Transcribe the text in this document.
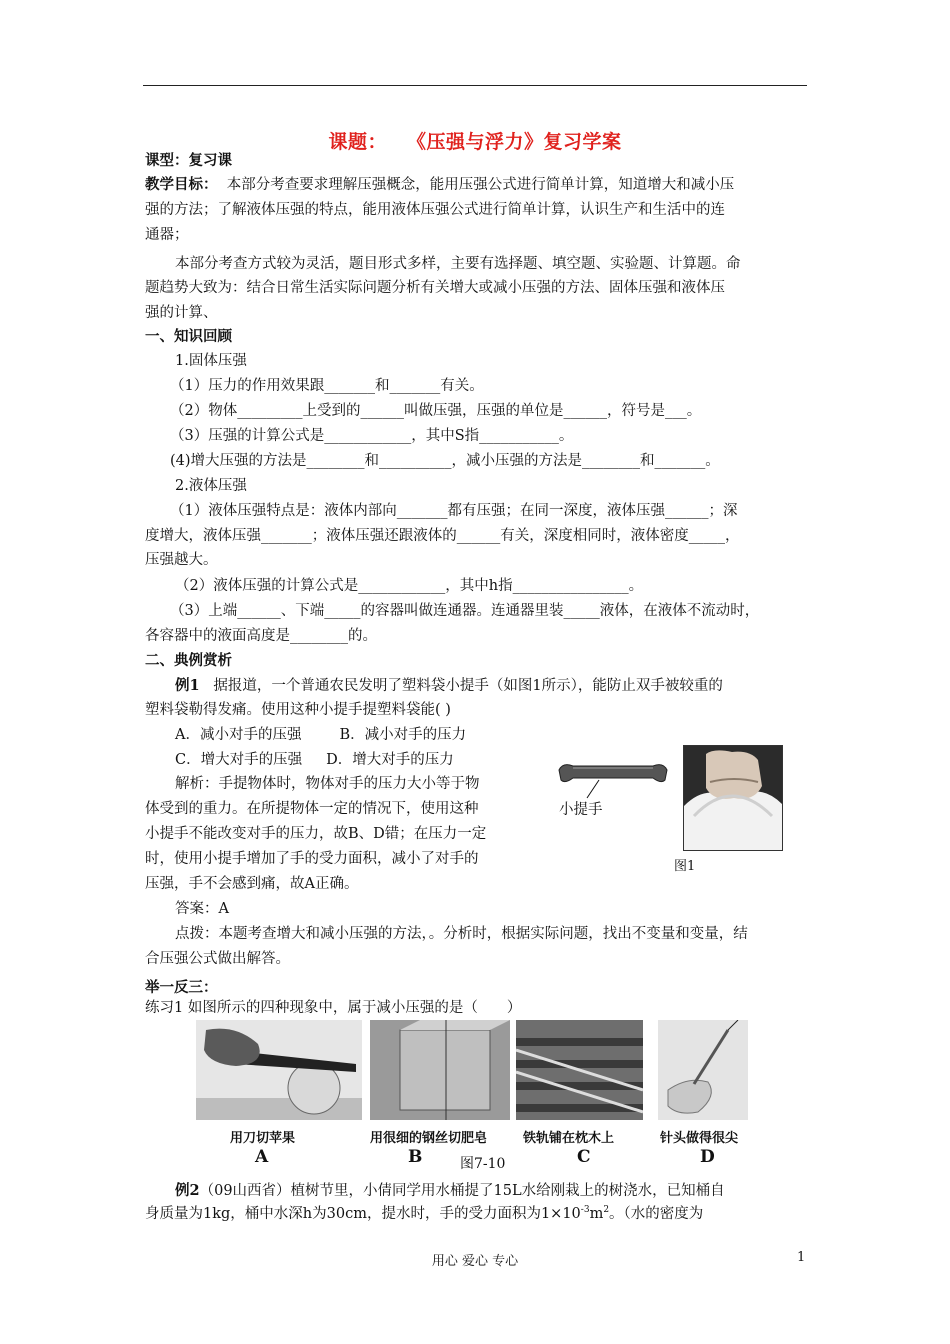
课题：　　《压强与浮力》复习学案
课型：复习课
教学目标： 本部分考查要求理解压强概念，能用压强公式进行简单计算，知道增大和减小压
强的方法；了解液体压强的特点，能用液体压强公式进行简单计算，认识生产和生活中的连
通器；
本部分考查方式较为灵活，题目形式多样，主要有选择题、填空题、实验题、计算题。命
题趋势大致为：结合日常生活实际问题分析有关增大或减小压强的方法、固体压强和液体压
强的计算、
一、知识回顾
1.固体压强
（1）压力的作用效果跟_______和_______有关。
（2）物体_________上受到的______叫做压强，压强的单位是______，符号是___。
（3）压强的计算公式是____________，其中S指___________。
(4)增大压强的方法是________和__________，减小压强的方法是________和_______。
2.液体压强
（1）液体压强特点是：液体内部向_______都有压强；在同一深度，液体压强______；深
度增大，液体压强_______；液体压强还跟液体的______有关，深度相同时，液体密度_____，
压强越大。
（2）液体压强的计算公式是____________，其中h指________________。
（3）上端______、下端_____的容器叫做连通器。连通器里装_____液体，在液体不流动时，
各容器中的液面高度是________的。
二、典例赏析
例1 据报道，一个普通农民发明了塑料袋小提手（如图1所示），能防止双手被较重的
塑料袋勒得发痛。使用这种小提手提塑料袋能( )
A．减小对手的压强	B．减小对手的压力
C．增大对手的压强 D．增大对手的压力
解析：手提物体时，物体对手的压力大小等于物
体受到的重力。在所提物体一定的情况下，使用这种
小提手不能改变对手的压力，故B、D错；在压力一定
时，使用小提手增加了手的受力面积，减小了对手的
压强，手不会感到痛，故A正确。
答案：A
点拨：本题考查增大和减小压强的方法，。分析时，根据实际问题，找出不变量和变量，结
合压强公式做出解答。
小提手
图1
举一反三：
练习1 如图所示的四种现象中，属于减小压强的是（　　）
用刀切苹果	用很细的钢丝切肥皂	铁轨铺在枕木上	针头做得很尖
A	B	C	D
图7-10
例2（09山西省）植树节里，小倩同学用水桶提了15L水给刚栽上的树浇水，已知桶自
身质量为1kg，桶中水深h为30cm，提水时，手的受力面积为$1\times 10^{-3}m^2$。（水的密度为
用心 爱心 专心	1
